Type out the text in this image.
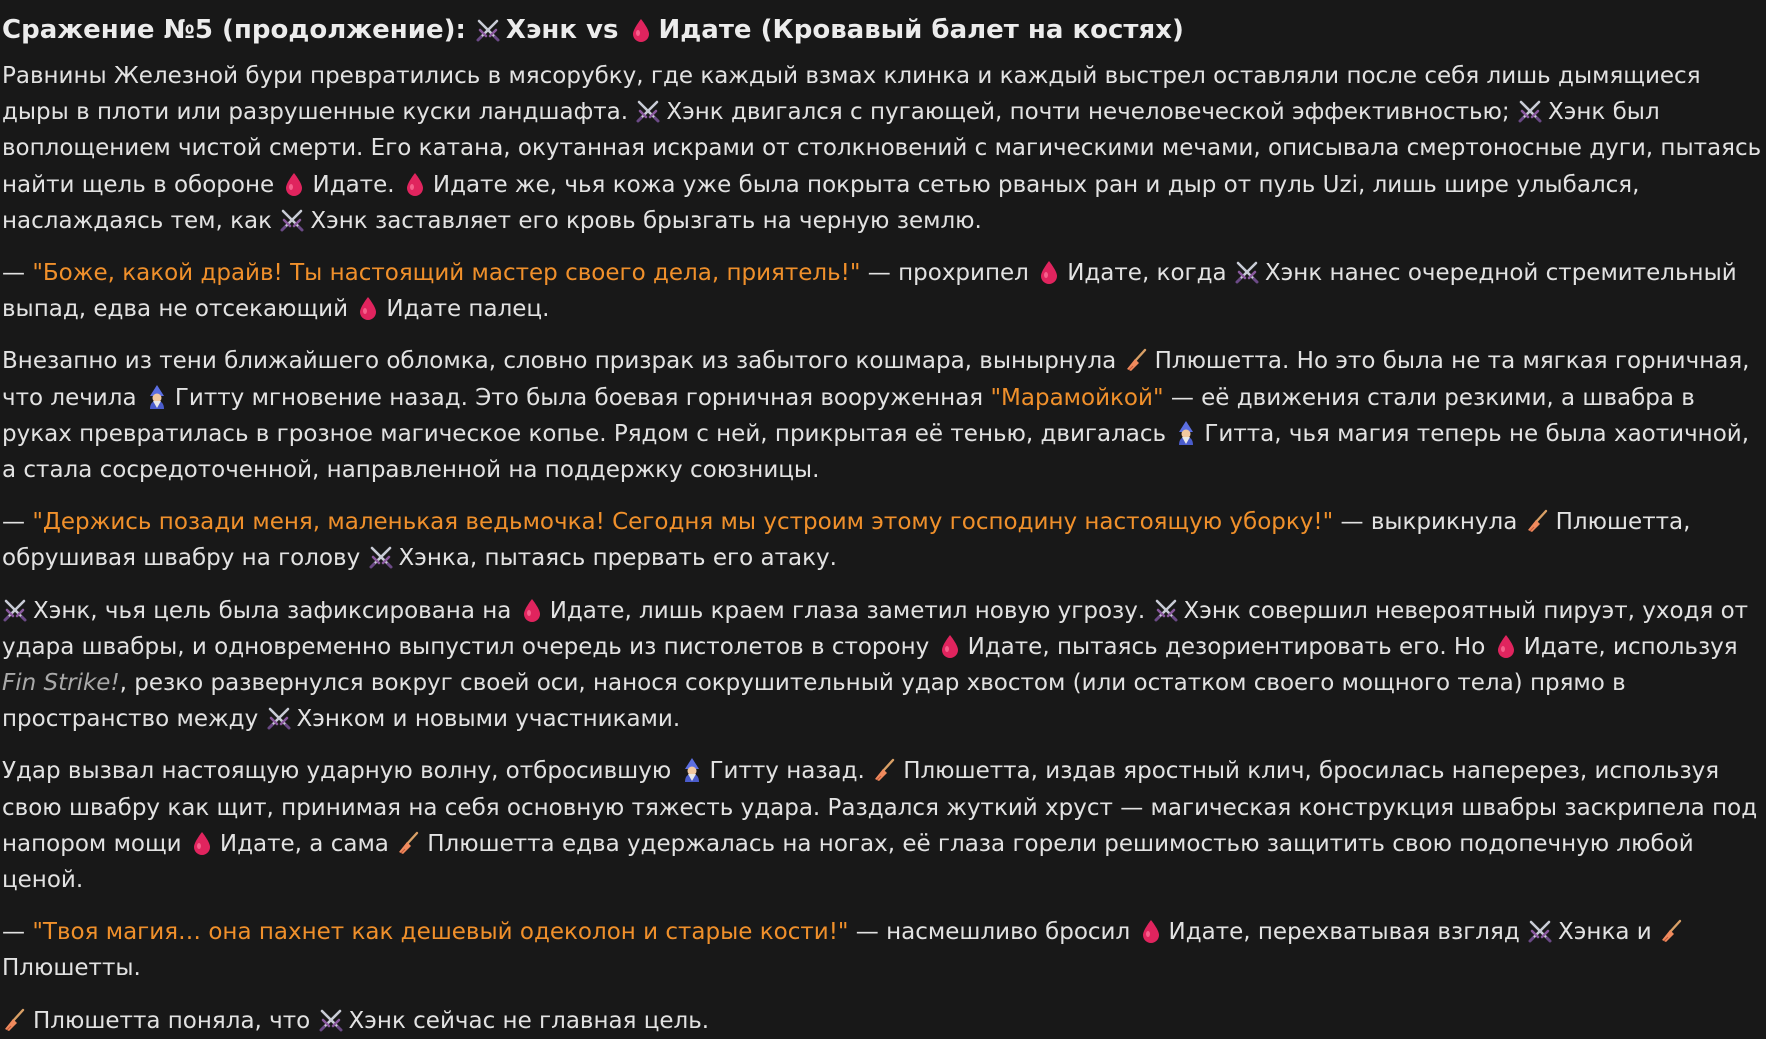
Сражение №5 (продолжение):
Хэнк vs
Идате (Кровавый балет на костях)

Равнины Железной бури превратились в мясорубку, где каждый взмах клинка и каждый выстрел оставляли после себя лишь дымящиеся дыры в плоти или разрушенные куски ландшафта.
Хэнк двигался с пугающей, почти нечеловеческой эффективностью;
Хэнк был воплощением чистой смерти. Его катана, окутанная искрами от столкновений с магическими мечами, описывала смертоносные дуги, пытаясь найти щель в обороне
Идате.
Идате же, чья кожа уже была покрыта сетью рваных ран и дыр от пуль Uzi, лишь шире улыбался, наслаждаясь тем, как
Хэнк заставляет его кровь брызгать на черную землю.

— "Боже, какой драйв! Ты настоящий мастер своего дела, приятель!" — прохрипел
Идате, когда
Хэнк нанес очередной стремительный выпад, едва не отсекающий
Идате палец.

Внезапно из тени ближайшего обломка, словно призрак из забытого кошмара, вынырнула
Плюшетта. Но это была не та мягкая горничная, что лечила
Гитту мгновение назад. Это была боевая горничная вооруженная "Марамойкой" — её движения стали резкими, а швабра в руках превратилась в грозное магическое копье. Рядом с ней, прикрытая её тенью, двигалась
Гитта, чья магия теперь не была хаотичной, а стала сосредоточенной, направленной на поддержку союзницы.

— "Держись позади меня, маленькая ведьмочка! Сегодня мы устроим этому господину настоящую уборку!" — выкрикнула
Плюшетта, обрушивая швабру на голову
Хэнка, пытаясь прервать его атаку.

Хэнк, чья цель была зафиксирована на
Идате, лишь краем глаза заметил новую угрозу.
Хэнк совершил невероятный пируэт, уходя от удара швабры, и одновременно выпустил очередь из пистолетов в сторону
Идате, пытаясь дезориентировать его. Но
Идате, используя Fin Strike!, резко развернулся вокруг своей оси, нанося сокрушительный удар хвостом (или остатком своего мощного тела) прямо в пространство между
Хэнком и новыми участниками.

Удар вызвал настоящую ударную волну, отбросившую
Гитту назад.
Плюшетта, издав яростный клич, бросилась наперерез, используя свою швабру как щит, принимая на себя основную тяжесть удара. Раздался жуткий хруст — магическая конструкция швабры заскрипела под напором мощи
Идате, а сама
Плюшетта едва удержалась на ногах, её глаза горели решимостью защитить свою подопечную любой ценой.

— "Твоя магия… она пахнет как дешевый одеколон и старые кости!" — насмешливо бросил
Идате, перехватывая взгляд
Хэнка и
Плюшетты.

Плюшетта поняла, что
Хэнк сейчас не главная цель.
